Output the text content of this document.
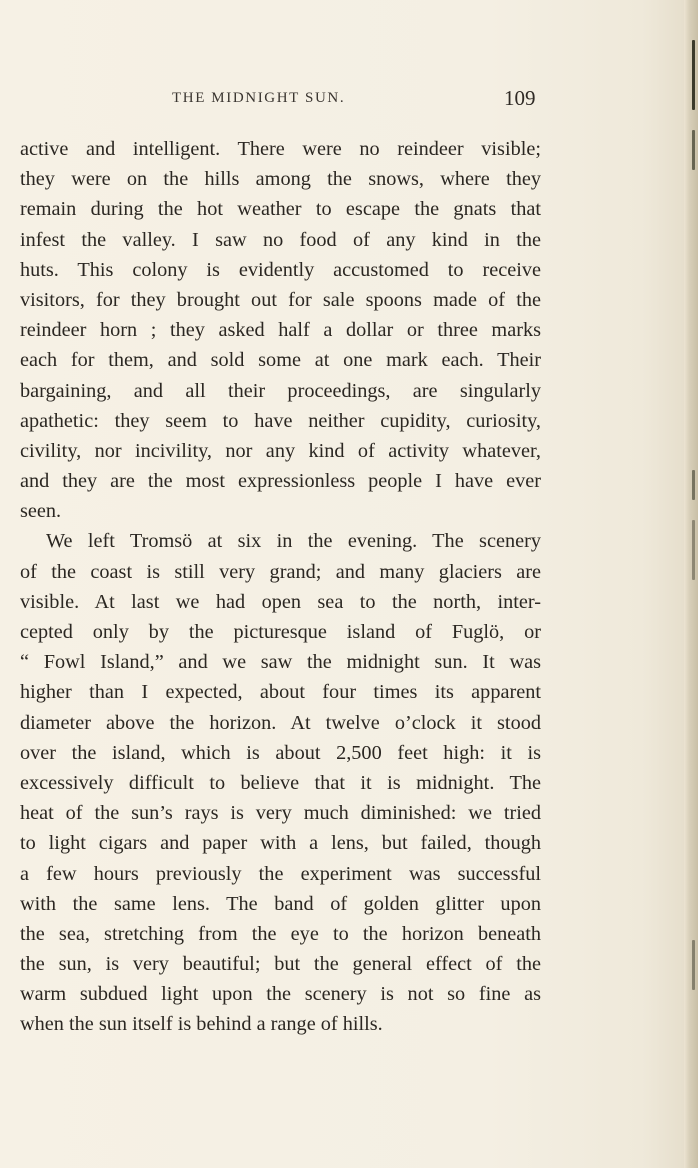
THE MIDNIGHT SUN.	109
active and intelligent. There were no reindeer visible;
they were on the hills among the snows, where they
remain during the hot weather to escape the gnats that
infest the valley. I saw no food of any kind in the
huts. This colony is evidently accustomed to receive
visitors, for they brought out for sale spoons made of the
reindeer horn ; they asked half a dollar or three marks
each for them, and sold some at one mark each. Their
bargaining, and all their proceedings, are singularly
apathetic: they seem to have neither cupidity, curiosity,
civility, nor incivility, nor any kind of activity whatever,
and they are the most expressionless people I have ever
seen.
We left Tromsö at six in the evening. The scenery
of the coast is still very grand; and many glaciers are
visible. At last we had open sea to the north, inter-
cepted only by the picturesque island of Fuglö, or
“ Fowl Island,” and we saw the midnight sun. It was
higher than I expected, about four times its apparent
diameter above the horizon. At twelve o’clock it stood
over the island, which is about 2,500 feet high: it is
excessively difficult to believe that it is midnight. The
heat of the sun’s rays is very much diminished: we tried
to light cigars and paper with a lens, but failed, though
a few hours previously the experiment was successful
with the same lens. The band of golden glitter upon
the sea, stretching from the eye to the horizon beneath
the sun, is very beautiful; but the general effect of the
warm subdued light upon the scenery is not so fine as
when the sun itself is behind a range of hills.
